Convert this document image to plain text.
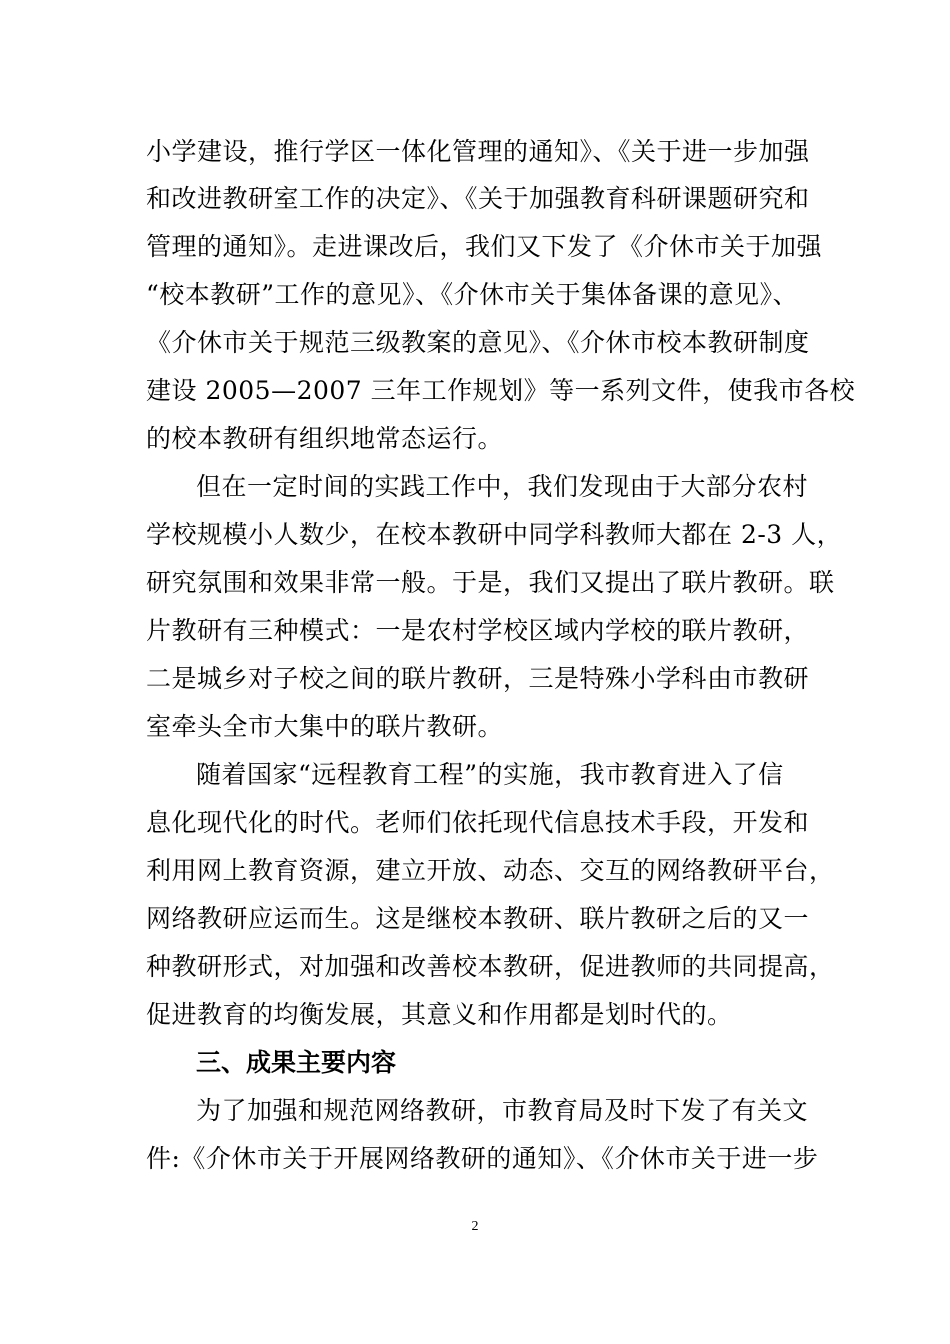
小学建设，推行学区一体化管理的通知》、《关于进一步加强
和改进教研室工作的决定》、《关于加强教育科研课题研究和
管理的通知》。走进课改后，我们又下发了《介休市关于加强
“校本教研”工作的意见》、《介休市关于集体备课的意见》、
《介休市关于规范三级教案的意见》、《介休市校本教研制度
建设 2005—2007 三年工作规划》等一系列文件，使我市各校
的校本教研有组织地常态运行。
但在一定时间的实践工作中，我们发现由于大部分农村
学校规模小人数少，在校本教研中同学科教师大都在 2-3 人，
研究氛围和效果非常一般。于是，我们又提出了联片教研。联
片教研有三种模式：一是农村学校区域内学校的联片教研，
二是城乡对子校之间的联片教研，三是特殊小学科由市教研
室牵头全市大集中的联片教研。
随着国家“远程教育工程”的实施，我市教育进入了信
息化现代化的时代。老师们依托现代信息技术手段，开发和
利用网上教育资源，建立开放、动态、交互的网络教研平台，
网络教研应运而生。这是继校本教研、联片教研之后的又一
种教研形式，对加强和改善校本教研，促进教师的共同提高，
促进教育的均衡发展，其意义和作用都是划时代的。
三、成果主要内容
为了加强和规范网络教研，市教育局及时下发了有关文
件:《介休市关于开展网络教研的通知》、《介休市关于进一步
2
